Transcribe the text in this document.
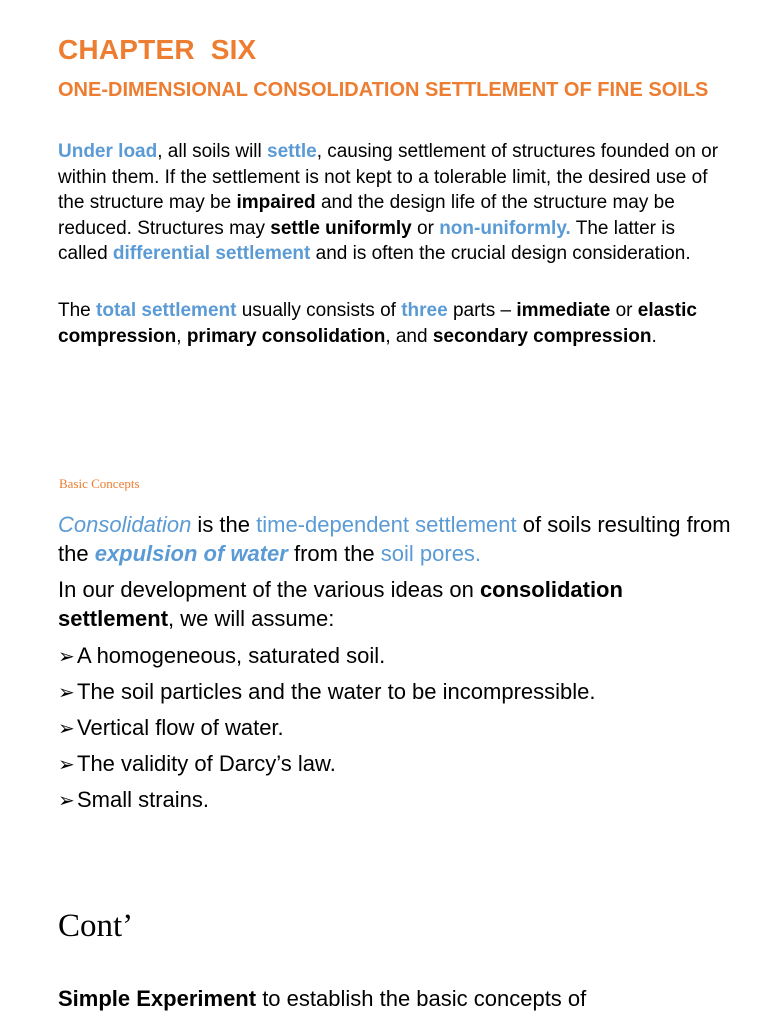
CHAPTER  SIX
ONE-DIMENSIONAL CONSOLIDATION SETTLEMENT OF FINE SOILS
Under load, all soils will settle, causing settlement of structures founded on or within them. If the settlement is not kept to a tolerable limit, the desired use of the structure may be impaired and the design life of the structure may be reduced. Structures may settle uniformly or non-uniformly. The latter is called differential settlement and is often the crucial design consideration.
The total settlement usually consists of three parts – immediate or elastic compression, primary consolidation, and secondary compression.
Basic Concepts
Consolidation is the time-dependent settlement of soils resulting from the expulsion of water from the soil pores.
In our development of the various ideas on consolidation settlement, we will assume:
➢ A homogeneous, saturated soil.
➢ The soil particles and the water to be incompressible.
➢ Vertical flow of water.
➢ The validity of Darcy’s law.
➢ Small strains.
Cont’
Simple Experiment to establish the basic concepts of
